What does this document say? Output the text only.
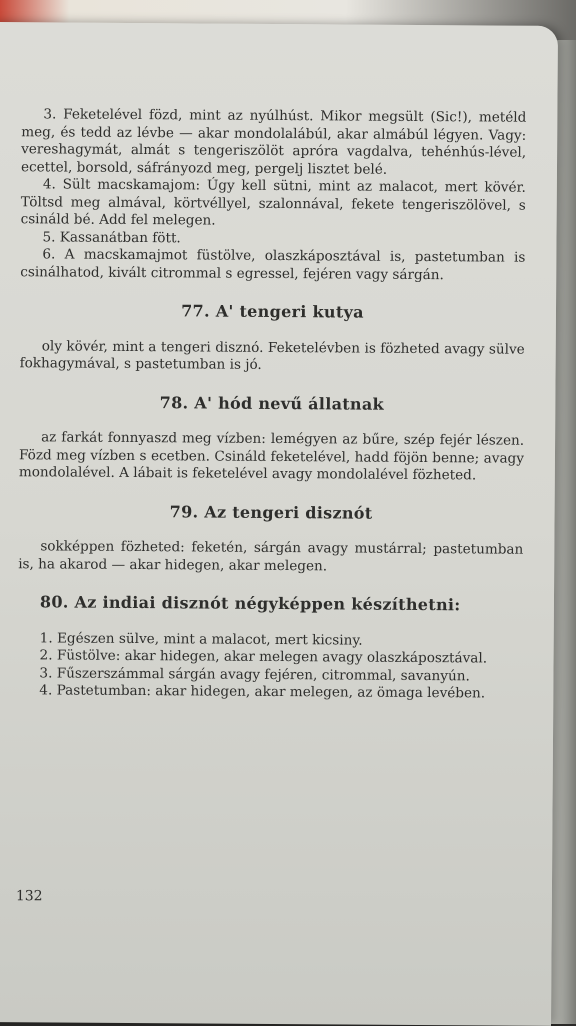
3. Feketelével fözd, mint az nyúlhúst. Mikor megsült (Sic!), metéld meg, és tedd az lévbe — akar mondolalábúl, akar almábúl légyen. Vagy: vereshagymát, almát s tengeriszölöt apróra vagdalva, tehénhús-lével, ecettel, borsold, sáfrányozd meg, pergelj lisztet belé.

4. Sült macskamajom: Úgy kell sütni, mint az malacot, mert kövér. Töltsd meg almával, körtvéllyel, szalonnával, fekete tengeriszölövel, s csináld bé. Add fel melegen.

5. Kassanátban fött.

6. A macskamajmot füstölve, olaszkáposztával is, pastetumban is csinálhatod, kivált citrommal s egressel, fejéren vagy sárgán.

77. A' tengeri kutya

oly kövér, mint a tengeri disznó. Feketelévben is fözheted avagy sülve fokhagymával, s pastetumban is jó.

78. A' hód nevű állatnak

az farkát fonnyaszd meg vízben: lemégyen az bűre, szép fejér lészen. Fözd meg vízben s ecetben. Csináld feketelével, hadd föjön benne; avagy mondolalével. A lábait is feketelével avagy mondolalével fözheted.

79. Az tengeri disznót

sokképpen fözheted: feketén, sárgán avagy mustárral; pastetumban is, ha akarod — akar hidegen, akar melegen.

80. Az indiai disznót négyképpen készíthetni:

1. Egészen sülve, mint a malacot, mert kicsiny.

2. Füstölve: akar hidegen, akar melegen avagy olaszkáposztával.

3. Fűszerszámmal sárgán avagy fejéren, citrommal, savanyún.

4. Pastetumban: akar hidegen, akar melegen, az ömaga levében.

132
